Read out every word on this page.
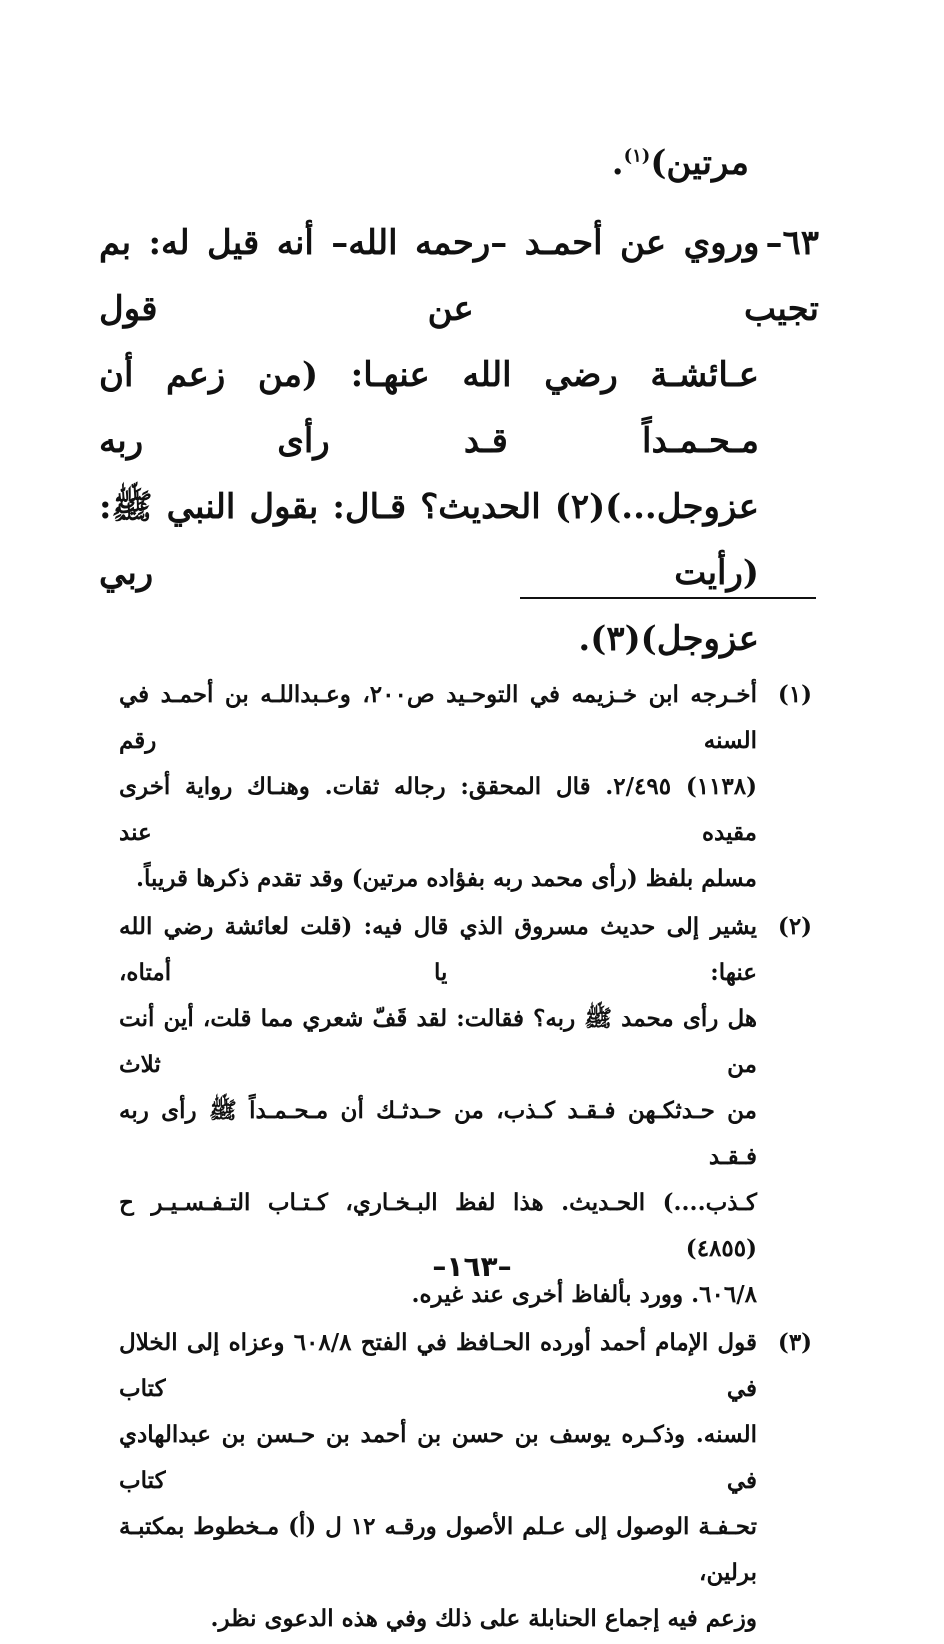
مرتين)$^{(١)}$.
٦٣–وروي عن أحمـد –رحمه الله– أنه قيل له: بم تجيب عن قول
عـائشـة رضي الله عنهـا: (من زعم أن مـحـمـداً قـد رأى ربه
عزوجل...)(٢) الحديث؟ قـال: بقول النبي ﷺ: (رأيت ربي
عزوجل)(٣).
(١)
أخـرجه ابن خـزيمه في التوحـيد ص٢٠٠، وعـبداللـه بن أحمـد في السنه رقم
(١١٣٨) ٢/٤٩٥. قال المحقق: رجاله ثقات. وهنـاك رواية أخرى مقيده عند
مسلم بلفظ (رأى محمد ربه بفؤاده مرتين) وقد تقدم ذكرها قريباً.
(٢)
يشير إلى حديث مسروق الذي قال فيه: (قلت لعائشة رضي الله عنها: يا أمتاه،
هل رأى محمد ﷺ ربه؟ فقالت: لقد قَفّ شعري مما قلت، أين أنت من ثلاث
من حـدثكـهن فـقـد كـذب، من حـدثـك أن مـحـمـداً ﷺ رأى ربه فـقـد
كـذب....) الحـديث. هذا لفظ البـخـاري، كـتـاب التـفـسـيـر ح (٤٨٥٥)
٦٠٦/٨. وورد بألفاظ أخرى عند غيره.
(٣)
قول الإمام أحمد أورده الحـافظ في الفتح ٦٠٨/٨ وعزاه إلى الخلال في كتاب
السنه. وذكـره يوسف بن حسن بن أحمد بن حـسن بن عبدالهادي في كتاب
تحـفـة الوصول إلى عـلم الأصول ورقـه ١٢ ل (أ) مـخطوط بمكتبـة برلين،
وزعم فيه إجماع الحنابلة على ذلك وفي هذه الدعوى نظر.
–١٦٣–
